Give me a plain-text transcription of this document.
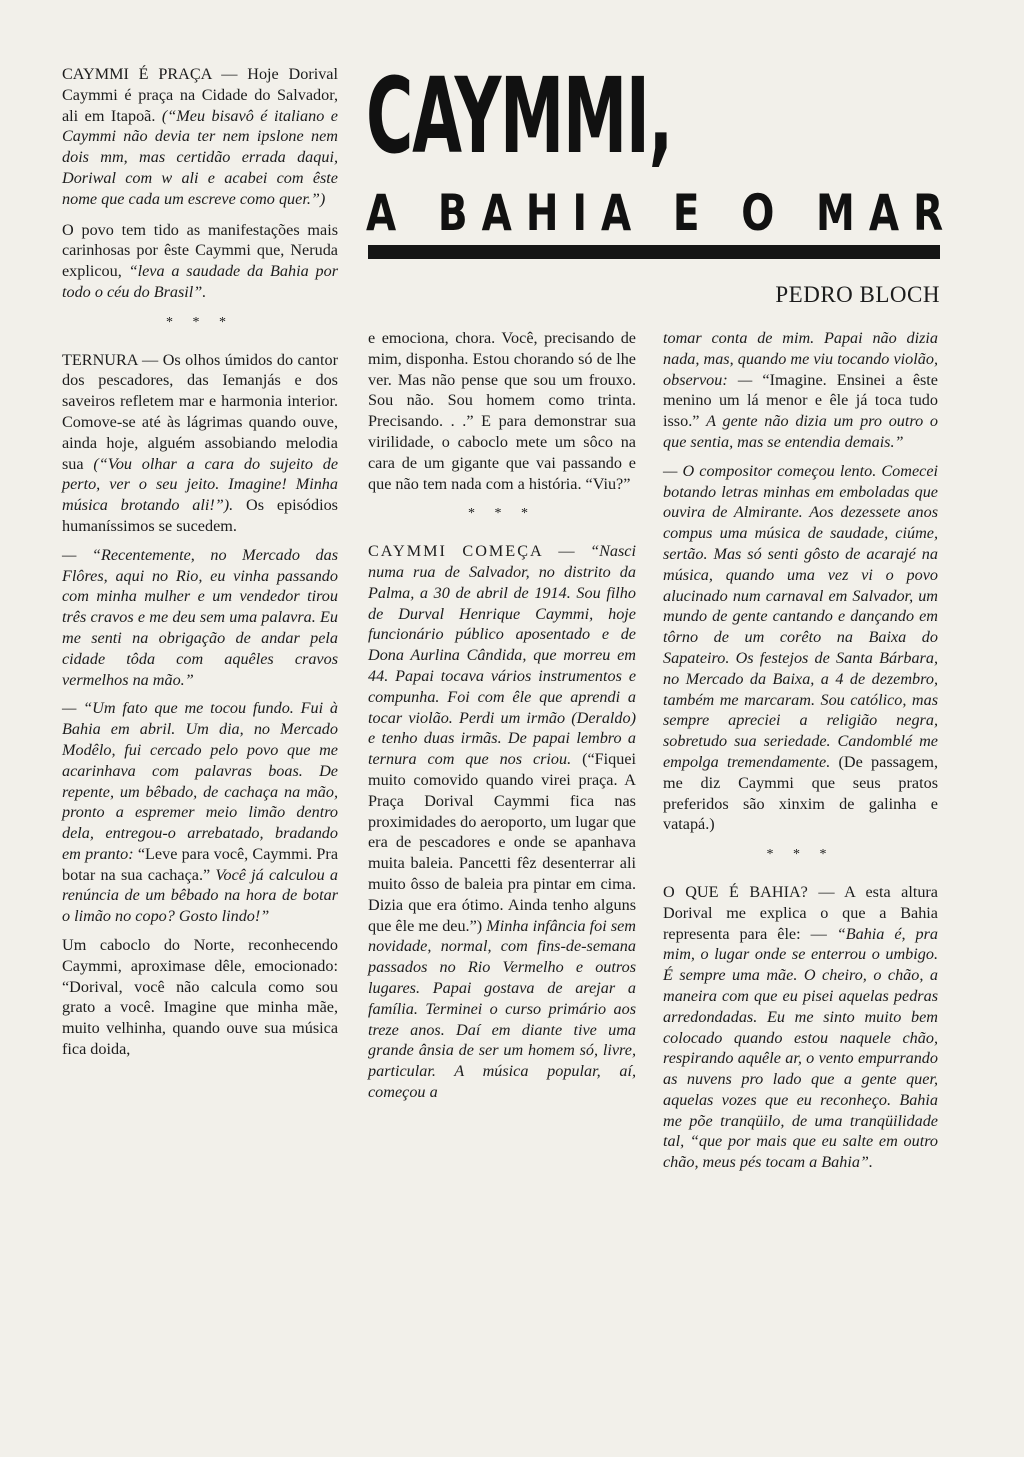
CAYMMI É PRAÇA — Hoje Dorival Caymmi é praça na Cidade do Salvador, ali em Itapoã. (“Meu bisavô é italiano e Caymmi não devia ter nem ipslone nem dois mm, mas certidão errada daqui, Doriwal com w ali e acabei com êste nome que cada um escreve como quer.”)

O povo tem tido as manifestações mais carinhosas por êste Caymmi que, Neruda explicou, “leva a saudade da Bahia por todo o céu do Brasil”.

* * *

TERNURA — Os olhos úmidos do cantor dos pescadores, das Iemanjás e dos saveiros refletem mar e harmonia interior. Comove-se até às lágrimas quando ouve, ainda hoje, alguém assobiando melodia sua (“Vou olhar a cara do sujeito de perto, ver o seu jeito. Imagine! Minha música brotando ali!”). Os episódios humaníssimos se sucedem.

— “Recentemente, no Mercado das Flôres, aqui no Rio, eu vinha passando com minha mulher e um vendedor tirou três cravos e me deu sem uma palavra. Eu me senti na obrigação de andar pela cidade tôda com aquêles cravos vermelhos na mão.”

— “Um fato que me tocou fundo. Fui à Bahia em abril. Um dia, no Mercado Modêlo, fui cercado pelo povo que me acarinhava com palavras boas. De repente, um bêbado, de cachaça na mão, pronto a espremer meio limão dentro dela, entregou-o arrebatado, bradando em pranto: “Leve para você, Caymmi. Pra botar na sua cachaça.” Você já calculou a renúncia de um bêbado na hora de botar o limão no copo? Gosto lindo!”

Um caboclo do Norte, reconhecendo Caymmi, aproximase dêle, emocionado: “Dorival, você não calcula como sou grato a você. Imagine que minha mãe, muito velhinha, quando ouve sua música fica doida,

CAYMMI,
A BAHIA E O MAR
PEDRO BLOCH

e emociona, chora. Você, precisando de mim, disponha. Estou chorando só de lhe ver. Mas não pense que sou um frouxo. Sou não. Sou homem como trinta. Precisando. . .” E para demonstrar sua virilidade, o caboclo mete um sôco na cara de um gigante que vai passando e que não tem nada com a história. “Viu?”

* * *

CAYMMI COMEÇA — “Nasci numa rua de Salvador, no distrito da Palma, a 30 de abril de 1914. Sou filho de Durval Henrique Caymmi, hoje funcionário público aposentado e de Dona Aurlina Cândida, que morreu em 44. Papai tocava vários instrumentos e compunha. Foi com êle que aprendi a tocar violão. Perdi um irmão (Deraldo) e tenho duas irmãs. De papai lembro a ternura com que nos criou. (“Fiquei muito comovido quando virei praça. A Praça Dorival Caymmi fica nas proximidades do aeroporto, um lugar que era de pescadores e onde se apanhava muita baleia. Pancetti fêz desenterrar ali muito ôsso de baleia pra pintar em cima. Dizia que era ótimo. Ainda tenho alguns que êle me deu.”) Minha infância foi sem novidade, normal, com fins-de-semana passados no Rio Vermelho e outros lugares. Papai gostava de arejar a família. Terminei o curso primário aos treze anos. Daí em diante tive uma grande ânsia de ser um homem só, livre, particular. A música popular, aí, começou a

tomar conta de mim. Papai não dizia nada, mas, quando me viu tocando violão, observou: — “Imagine. Ensinei a êste menino um lá menor e êle já toca tudo isso.” A gente não dizia um pro outro o que sentia, mas se entendia demais.”

— O compositor começou lento. Comecei botando letras minhas em emboladas que ouvira de Almirante. Aos dezessete anos compus uma música de saudade, ciúme, sertão. Mas só senti gôsto de acarajé na música, quando uma vez vi o povo alucinado num carnaval em Salvador, um mundo de gente cantando e dançando em tôrno de um corêto na Baixa do Sapateiro. Os festejos de Santa Bárbara, no Mercado da Baixa, a 4 de dezembro, também me marcaram. Sou católico, mas sempre apreciei a religião negra, sobretudo sua seriedade. Candomblé me empolga tremendamente. (De passagem, me diz Caymmi que seus pratos preferidos são xinxim de galinha e vatapá.)

* * *

O QUE É BAHIA? — A esta altura Dorival me explica o que a Bahia representa para êle: — “Bahia é, pra mim, o lugar onde se enterrou o umbigo. É sempre uma mãe. O cheiro, o chão, a maneira com que eu pisei aquelas pedras arredondadas. Eu me sinto muito bem colocado quando estou naquele chão, respirando aquêle ar, o vento empurrando as nuvens pro lado que a gente quer, aquelas vozes que eu reconheço. Bahia me põe tranqüilo, de uma tranqüilidade tal, “que por mais que eu salte em outro chão, meus pés tocam a Bahia”.
